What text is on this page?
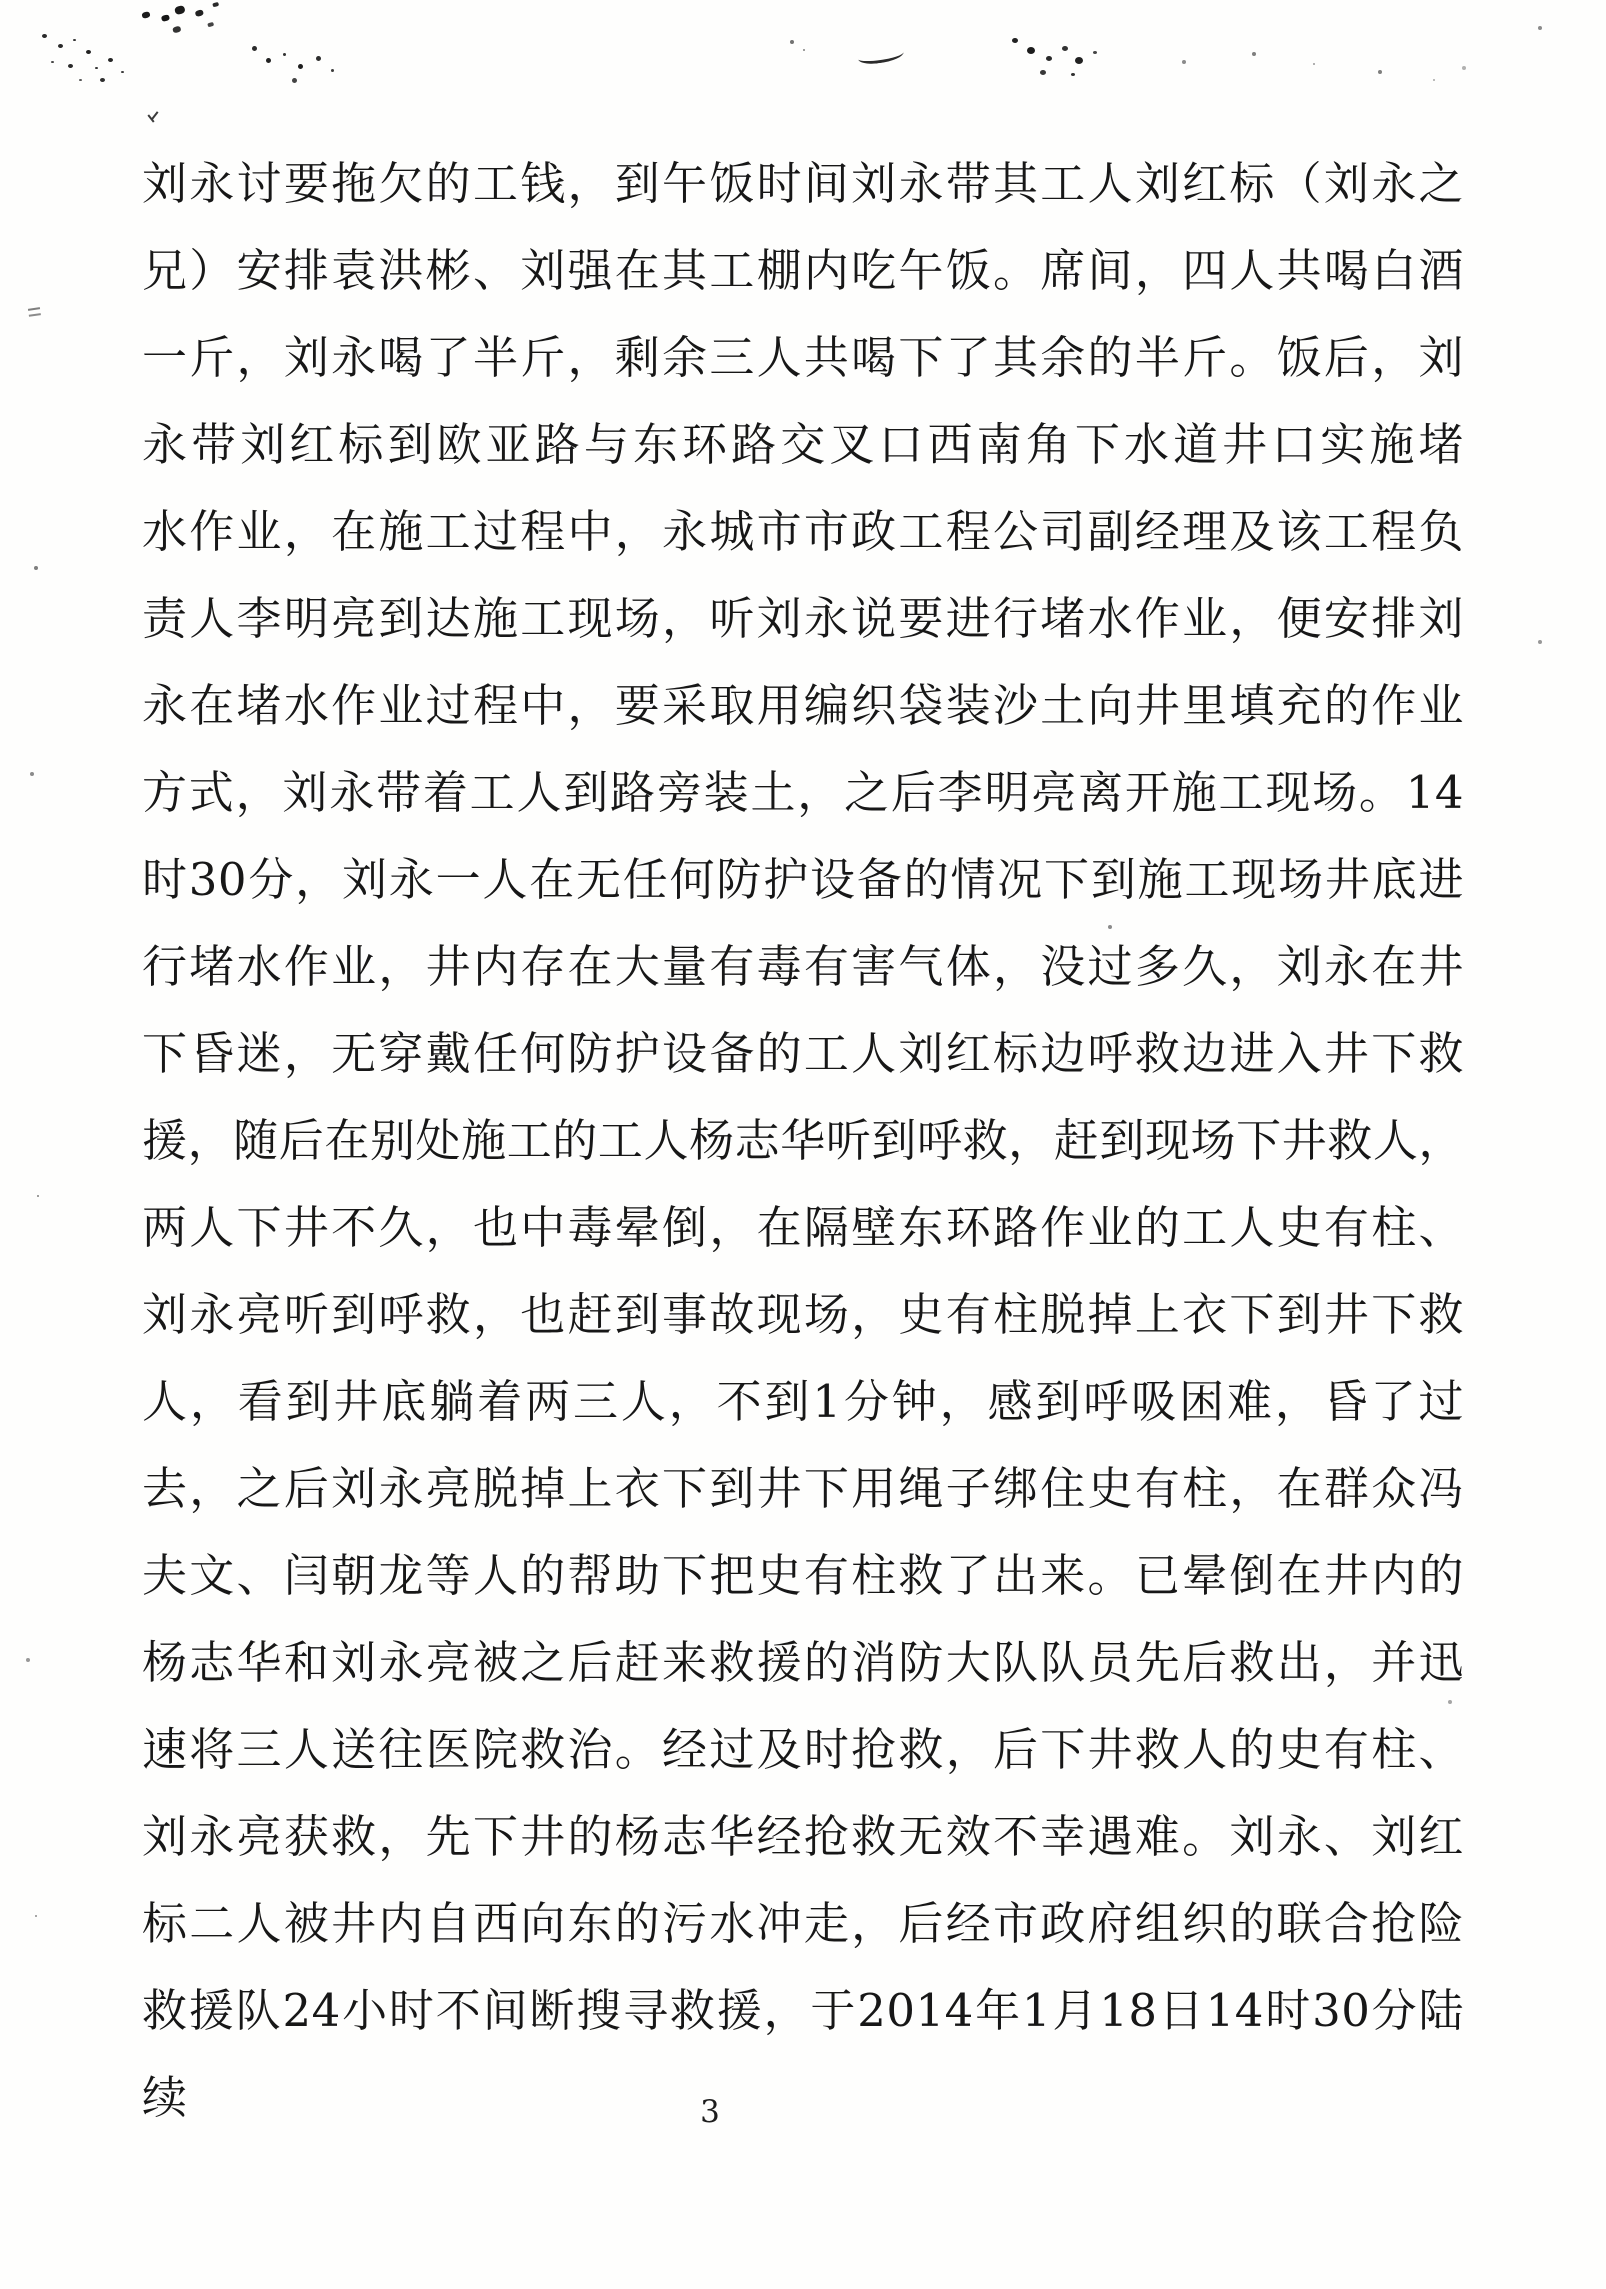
刘永讨要拖欠的工钱，到午饭时间刘永带其工人刘红标（刘永之
兄）安排袁洪彬、刘强在其工棚内吃午饭。席间，四人共喝白酒
一斤，刘永喝了半斤，剩余三人共喝下了其余的半斤。饭后，刘
永带刘红标到欧亚路与东环路交叉口西南角下水道井口实施堵
水作业，在施工过程中，永城市市政工程公司副经理及该工程负
责人李明亮到达施工现场，听刘永说要进行堵水作业，便安排刘
永在堵水作业过程中，要采取用编织袋装沙土向井里填充的作业
方式，刘永带着工人到路旁装土，之后李明亮离开施工现场。14
时30分，刘永一人在无任何防护设备的情况下到施工现场井底进
行堵水作业，井内存在大量有毒有害气体，没过多久，刘永在井
下昏迷，无穿戴任何防护设备的工人刘红标边呼救边进入井下救
援，随后在别处施工的工人杨志华听到呼救，赶到现场下井救人，
两人下井不久，也中毒晕倒，在隔壁东环路作业的工人史有柱、
刘永亮听到呼救，也赶到事故现场，史有柱脱掉上衣下到井下救
人，看到井底躺着两三人，不到1分钟，感到呼吸困难，昏了过
去，之后刘永亮脱掉上衣下到井下用绳子绑住史有柱，在群众冯
夫文、闫朝龙等人的帮助下把史有柱救了出来。已晕倒在井内的
杨志华和刘永亮被之后赶来救援的消防大队队员先后救出，并迅
速将三人送往医院救治。经过及时抢救，后下井救人的史有柱、
刘永亮获救，先下井的杨志华经抢救无效不幸遇难。刘永、刘红
标二人被井内自西向东的污水冲走，后经市政府组织的联合抢险
救援队24小时不间断搜寻救援，于2014年1月18日14时30分陆续	3
